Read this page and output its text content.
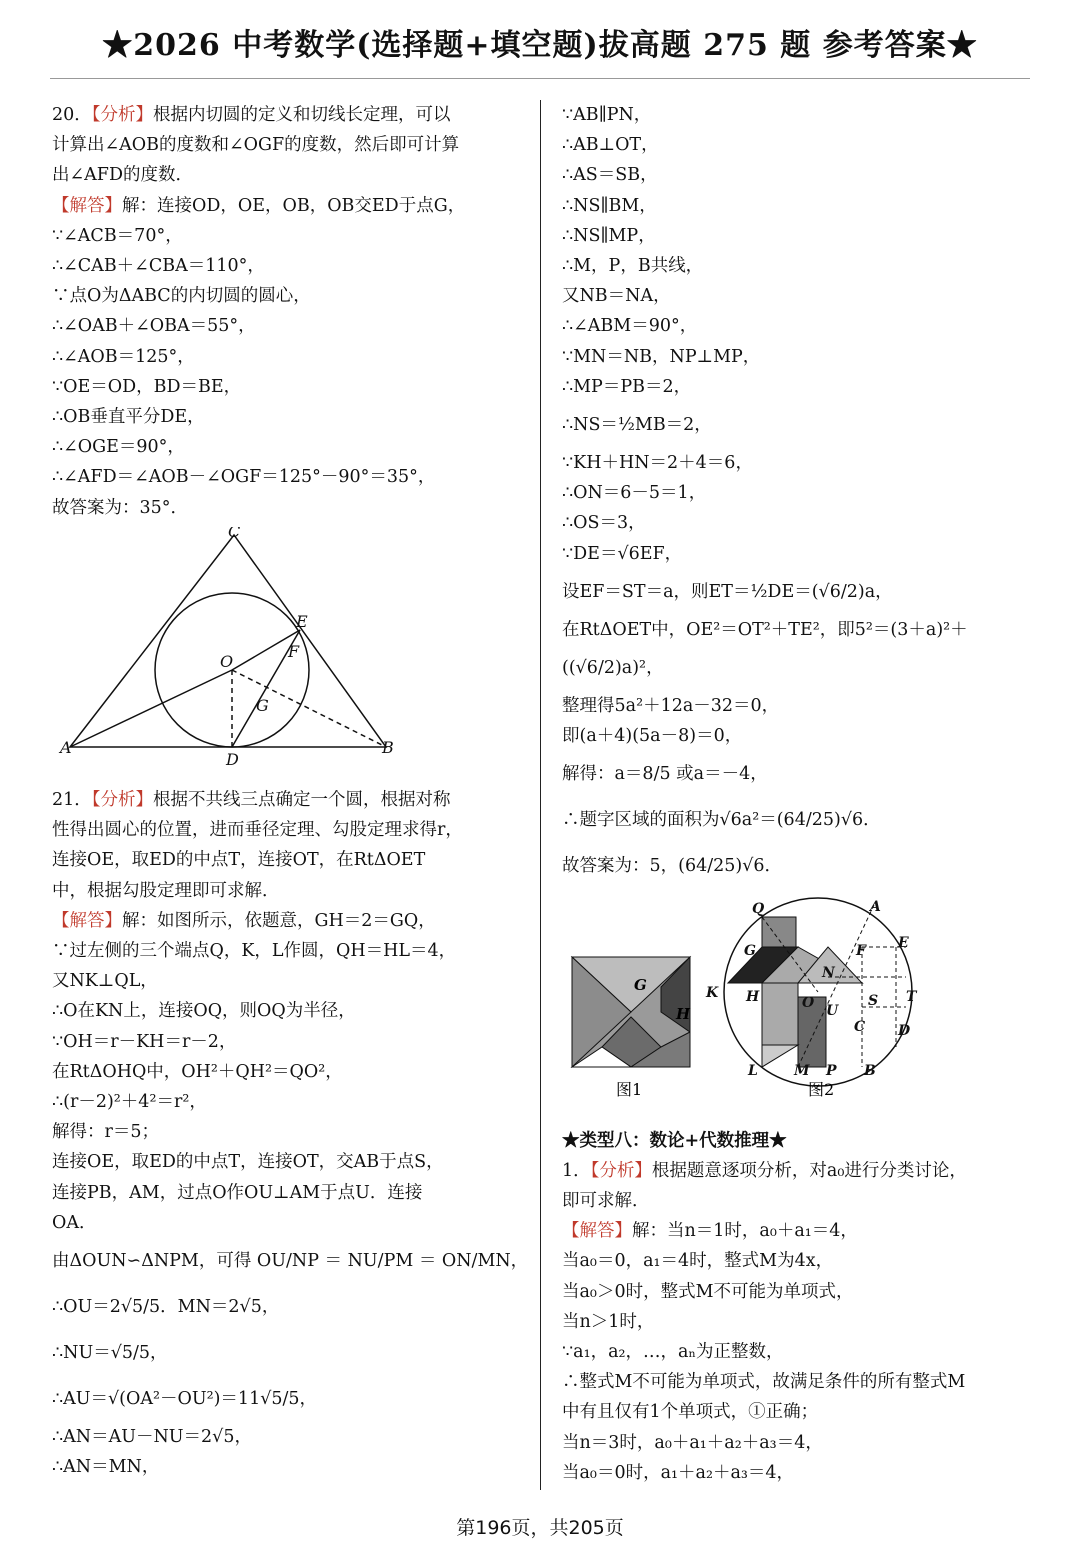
★2026 中考数学(选择题+填空题)拔高题 275 题 参考答案★

20．【分析】根据内切圆的定义和切线长定理，可以

计算出∠AOB的度数和∠OGF的度数，然后即可计算

出∠AFD的度数．

【解答】解：连接OD，OE，OB，OB交ED于点G，

∵∠ACB＝70°，

∴∠CAB＋∠CBA＝110°，

∵点O为ΔABC的内切圆的圆心，

∴∠OAB＋∠OBA＝55°，

∴∠AOB＝125°，

∵OE＝OD，BD＝BE，

∴OB垂直平分DE，

∴∠OGE＝90°，

∴∠AFD＝∠AOB－∠OGF＝125°－90°＝35°，

故答案为：35°．

C
E
F
O
G
A
D
B

21．【分析】根据不共线三点确定一个圆，根据对称

性得出圆心的位置，进而垂径定理、勾股定理求得r，

连接OE，取ED的中点T，连接OT，在RtΔOET

中，根据勾股定理即可求解．

【解答】解：如图所示，依题意，GH＝2＝GQ，

∵过左侧的三个端点Q，K，L作圆，QH＝HL＝4，

又NK⊥QL，

∴O在KN上，连接OQ，则OQ为半径，

∵OH＝r－KH＝r－2，

在RtΔOHQ中，OH²＋QH²＝QO²，

∴(r－2)²＋4²＝r²，

解得：r＝5；

连接OE，取ED的中点T，连接OT，交AB于点S，

连接PB，AM，过点O作OU⊥AM于点U．连接

OA．

由ΔOUN∽ΔNPM，可得 OU/NP ＝ NU/PM ＝ ON/MN，

∴OU＝2√5/5．MN＝2√5，

∴NU＝√5/5，

∴AU＝√(OA²－OU²)＝11√5/5，

∴AN＝AU－NU＝2√5，

∴AN＝MN，

∵AB∥PN，

∴AB⊥OT，

∴AS＝SB，

∴NS∥BM，

∴NS∥MP，

∴M，P，B共线，

又NB＝NA，

∴∠ABM＝90°，

∵MN＝NB，NP⊥MP，

∴MP＝PB＝2，

∴NS＝½MB＝2，

∵KH＋HN＝2＋4＝6，

∴ON＝6－5＝1，

∴OS＝3，

∵DE＝√6EF，

设EF＝ST＝a，则ET＝½DE＝(√6/2)a，

在RtΔOET中，OE²＝OT²＋TE²，即5²＝(3＋a)²＋

((√6/2)a)²，

整理得5a²＋12a－32＝0，

即(a＋4)(5a－8)＝0，

解得：a＝8/5 或a＝－4，

∴题字区域的面积为√6a²＝(64/25)√6．

故答案为：5，(64/25)√6．

G
H
图1
Q	A
G	F E
K
N
H	O U
S T
C D
L	M P B
图2

★类型八：数论+代数推理★

1．【分析】根据题意逐项分析，对a₀进行分类讨论，

即可求解．

【解答】解：当n＝1时，a₀＋a₁＝4，

当a₀＝0，a₁＝4时，整式M为4x，

当a₀＞0时，整式M不可能为单项式，

当n＞1时，

∵a₁，a₂，…，aₙ为正整数，

∴整式M不可能为单项式，故满足条件的所有整式M

中有且仅有1个单项式，①正确；

当n＝3时，a₀＋a₁＋a₂＋a₃＝4，

当a₀＝0时，a₁＋a₂＋a₃＝4，

第196页，共205页
